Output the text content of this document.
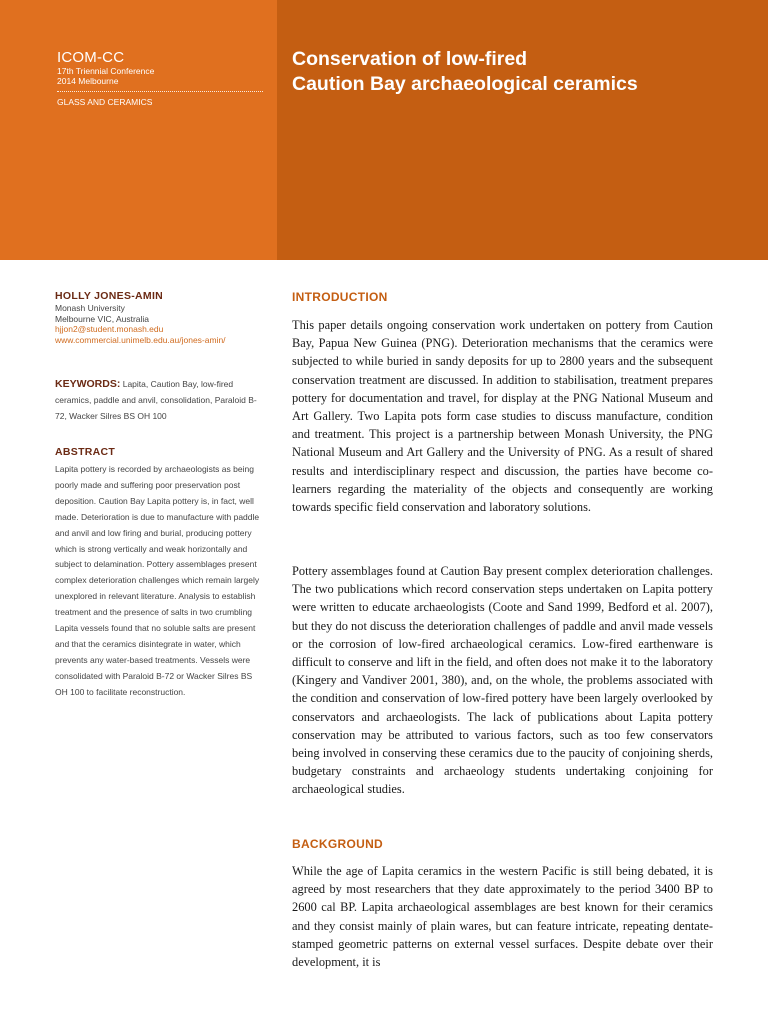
ICOM-CC
17th Triennial Conference
2014 Melbourne
GLASS AND CERAMICS
Conservation of low-fired
Caution Bay archaeological ceramics
HOLLY JONES-AMIN
Monash University
Melbourne VIC, Australia
hjjon2@student.monash.edu
www.commercial.unimelb.edu.au/jones-amin/
KEYWORDS: Lapita, Caution Bay, low-fired ceramics, paddle and anvil, consolidation, Paraloid B-72, Wacker Silres BS OH 100
ABSTRACT
Lapita pottery is recorded by archaeologists as being poorly made and suffering poor preservation post deposition. Caution Bay Lapita pottery is, in fact, well made. Deterioration is due to manufacture with paddle and anvil and low firing and burial, producing pottery which is strong vertically and weak horizontally and subject to delamination. Pottery assemblages present complex deterioration challenges which remain largely unexplored in relevant literature. Analysis to establish treatment and the presence of salts in two crumbling Lapita vessels found that no soluble salts are present and that the ceramics disintegrate in water, which prevents any water-based treatments. Vessels were consolidated with Paraloid B-72 or Wacker Silres BS OH 100 to facilitate reconstruction.
INTRODUCTION

This paper details ongoing conservation work undertaken on pottery from Caution Bay, Papua New Guinea (PNG). Deterioration mechanisms that the ceramics were subjected to while buried in sandy deposits for up to 2800 years and the subsequent conservation treatment are discussed. In addition to stabilisation, treatment prepares pottery for documentation and travel, for display at the PNG National Museum and Art Gallery. Two Lapita pots form case studies to discuss manufacture, condition and treatment. This project is a partnership between Monash University, the PNG National Museum and Art Gallery and the University of PNG. As a result of shared results and interdisciplinary respect and discussion, the parties have become co-learners regarding the materiality of the objects and consequently are working towards specific field conservation and laboratory solutions.

Pottery assemblages found at Caution Bay present complex deterioration challenges. The two publications which record conservation steps undertaken on Lapita pottery were written to educate archaeologists (Coote and Sand 1999, Bedford et al. 2007), but they do not discuss the deterioration challenges of paddle and anvil made vessels or the corrosion of low-fired archaeological ceramics. Low-fired earthenware is difficult to conserve and lift in the field, and often does not make it to the laboratory (Kingery and Vandiver 2001, 380), and, on the whole, the problems associated with the condition and conservation of low-fired pottery have been largely overlooked by conservators and archaeologists. The lack of publications about Lapita pottery conservation may be attributed to various factors, such as too few conservators being involved in conserving these ceramics due to the paucity of conjoining sherds, budgetary constraints and archaeology students undertaking conjoining for archaeological studies.

BACKGROUND

While the age of Lapita ceramics in the western Pacific is still being debated, it is agreed by most researchers that they date approximately to the period 3400 BP to 2600 cal BP. Lapita archaeological assemblages are best known for their ceramics and they consist mainly of plain wares, but can feature intricate, repeating dentate-stamped geometric patterns on external vessel surfaces. Despite debate over their development, it is
